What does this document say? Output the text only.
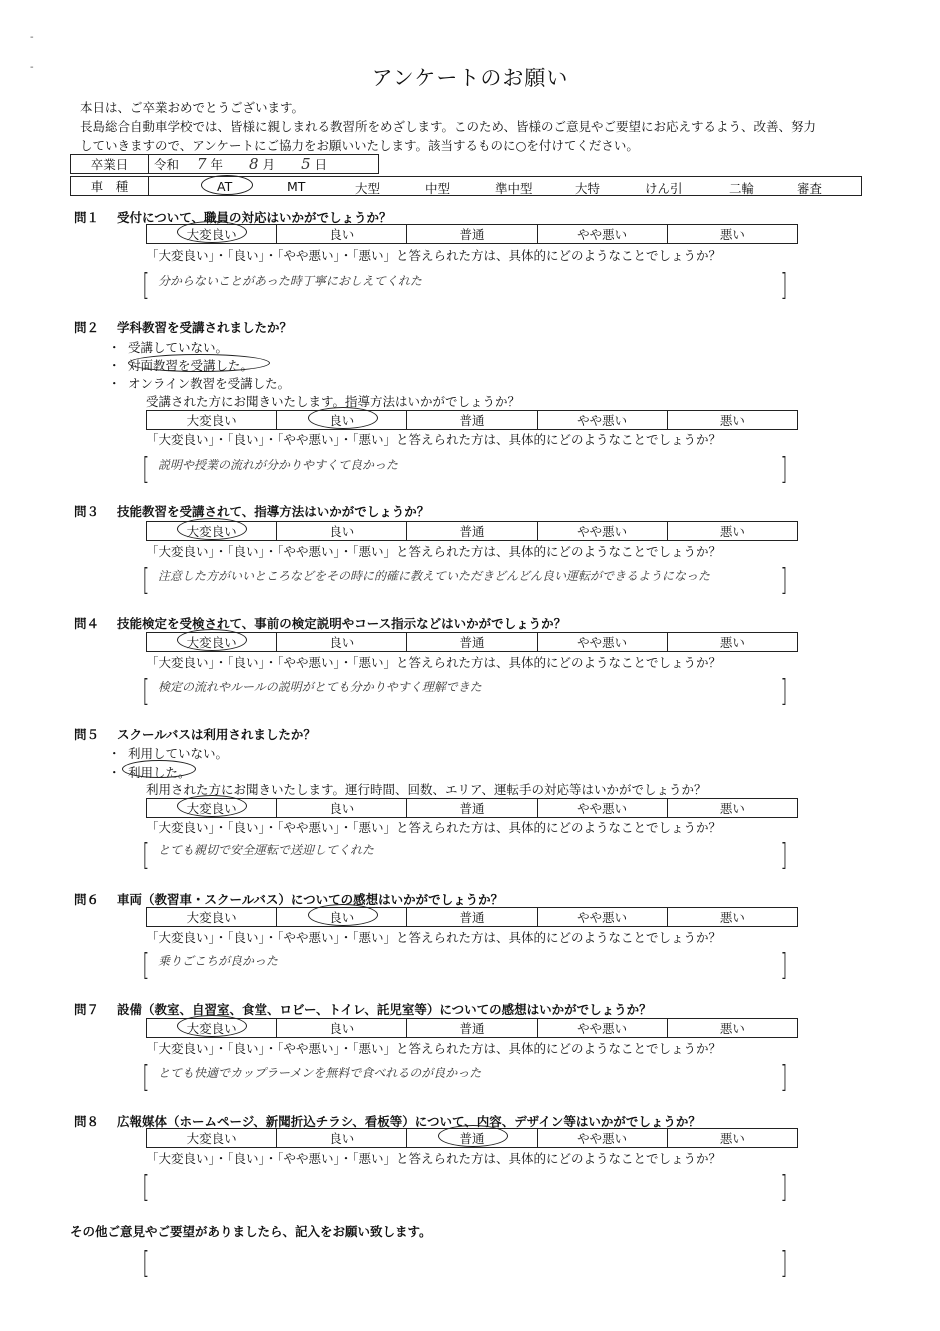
-
-	アンケートのお願い
本日は、ご卒業おめでとうございます。
長島総合自動車学校では、皆様に親しまれる教習所をめざします。このため、皆様のご意見やご要望にお応えするよう、改善、努力
していきますので、アンケートにご協力をお願いいたします。該当するものに○を付けてください。
卒業日	令和 7 年 8 月 5 日
車　種	AT	MT	大型	中型	準中型	大特	けん引	二輪	審査
問１ 受付について、職員の対応はいかがでしょうか？
大変良い	良い	普通	やや悪い	悪い
「大変良い」・「良い」・「やや悪い」・「悪い」と答えられた方は、具体的にどのようなことでしょうか？
[	]
分からないことがあった時丁寧におしえてくれた
問２ 学科教習を受講されましたか？
・ 受講していない。
・ 対面教習を受講した。
・ オンライン教習を受講した。
受講された方にお聞きいたします。指導方法はいかがでしょうか？
大変良い	良い	普通	やや悪い	悪い
「大変良い」・「良い」・「やや悪い」・「悪い」と答えられた方は、具体的にどのようなことでしょうか？
[	]
説明や授業の流れが分かりやすくて良かった
問３ 技能教習を受講されて、指導方法はいかがでしょうか？
大変良い	良い	普通	やや悪い	悪い
「大変良い」・「良い」・「やや悪い」・「悪い」と答えられた方は、具体的にどのようなことでしょうか？
[	]
注意した方がいいところなどをその時に的確に教えていただきどんどん良い運転ができるようになった
問４ 技能検定を受検されて、事前の検定説明やコース指示などはいかがでしょうか？
大変良い	良い	普通	やや悪い	悪い
「大変良い」・「良い」・「やや悪い」・「悪い」と答えられた方は、具体的にどのようなことでしょうか？
[	]
検定の流れやルールの説明がとても分かりやすく理解できた
問５ スクールバスは利用されましたか？
・ 利用していない。
・ 利用した。
利用された方にお聞きいたします。運行時間、回数、エリア、運転手の対応等はいかがでしょうか？
大変良い	良い	普通	やや悪い	悪い
「大変良い」・「良い」・「やや悪い」・「悪い」と答えられた方は、具体的にどのようなことでしょうか？
[	]
とても親切で安全運転で送迎してくれた
問６ 車両（教習車・スクールバス）についての感想はいかがでしょうか？
大変良い	良い	普通	やや悪い	悪い
「大変良い」・「良い」・「やや悪い」・「悪い」と答えられた方は、具体的にどのようなことでしょうか？
[	]
乗りごこちが良かった
問７ 設備（教室、自習室、食堂、ロビー、トイレ、託児室等）についての感想はいかがでしょうか？
大変良い	良い	普通	やや悪い	悪い
「大変良い」・「良い」・「やや悪い」・「悪い」と答えられた方は、具体的にどのようなことでしょうか？
[	]
とても快適でカップラーメンを無料で食べれるのが良かった
問８ 広報媒体（ホームページ、新聞折込チラシ、看板等）について、内容、デザイン等はいかがでしょうか？
大変良い	良い	普通	やや悪い	悪い
「大変良い」・「良い」・「やや悪い」・「悪い」と答えられた方は、具体的にどのようなことでしょうか？
[	]
その他ご意見やご要望がありましたら、記入をお願い致します。
[	]
